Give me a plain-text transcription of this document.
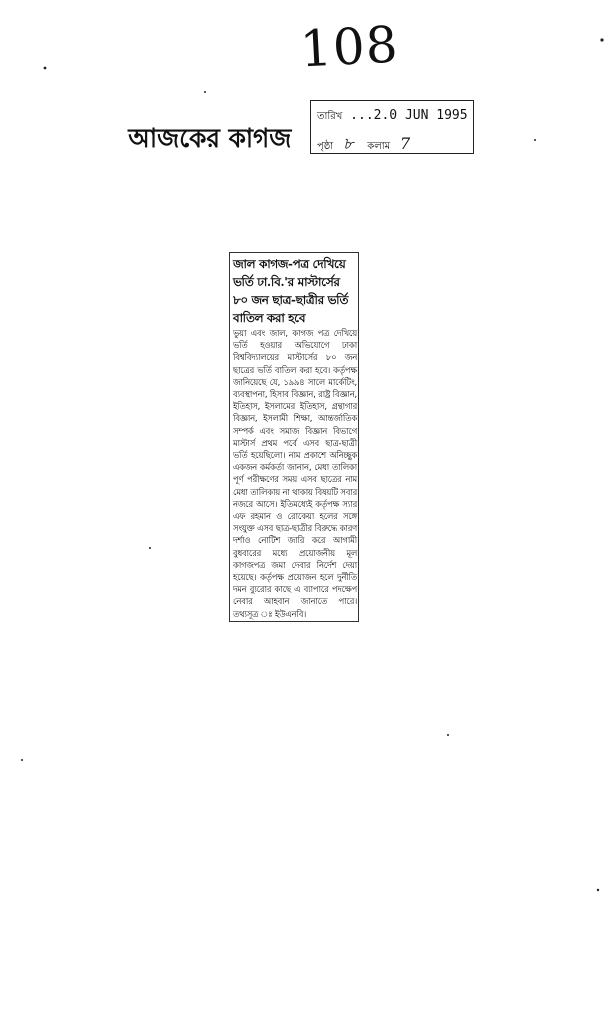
108
আজকের কাগজ
তারিখ ...2.0 JUN 1995
পৃষ্ঠা ৮ কলাম 7
জাল কাগজ-পত্র দেখিয়ে ভর্তি ঢা.বি.'র মাস্টার্সের ৮০ জন ছাত্র-ছাত্রীর ভর্তি বাতিল করা হবে
ভুয়া এবং জাল, কাগজ পত্র দেখিয়ে ভর্তি হওয়ার অভিযোগে ঢাকা বিশ্ববিদ্যালয়ের মাস্টার্সের ৮০ জন ছাত্রের ভর্তি বাতিল করা হবে। কর্তৃপক্ষ জানিয়েছে যে, ১৯৯৪ সালে মার্কেটিং, ব্যবস্থাপনা, হিসাব বিজ্ঞান, রাষ্ট্র বিজ্ঞান, ইতিহাস, ইসলামের ইতিহাস, গ্রন্থাগার বিজ্ঞান, ইসলামী শিক্ষা, আন্তর্জাতিক সম্পর্ক এবং সমাজ বিজ্ঞান বিভাগে মাস্টার্স প্রথম পর্বে এসব ছাত্র-ছাত্রী ভর্তি হয়েছিলো। নাম প্রকাশে অনিচ্ছুক একজন কর্মকর্তা জানান, মেধা তালিকা পূর্ণ পরীক্ষণের সময় এসব ছাত্রের নাম মেধা তালিকায় না থাকায় বিষয়টি সবার নজরে আসে। ইতিমধ্যেই কর্তৃপক্ষ স্যার এফ রহমান ও রোকেয়া হলের সঙ্গে সংযুক্ত এসব ছাত্র-ছাত্রীর বিরুদ্ধে কারণ দর্শাও নোটিশ জারি করে আগামী বুধবারের মধ্যে প্রয়োজনীয় মূল কাগজপত্র জমা দেবার নির্দেশ দেয়া হয়েছে। কর্তৃপক্ষ প্রয়োজন হলে দুর্নীতি দমন ব্যুরোর কাছে এ ব্যাপারে পদক্ষেপ নেবার আহবান জানাতে পারে। তথ্যসূত্র ঃ ইউএনবি।
